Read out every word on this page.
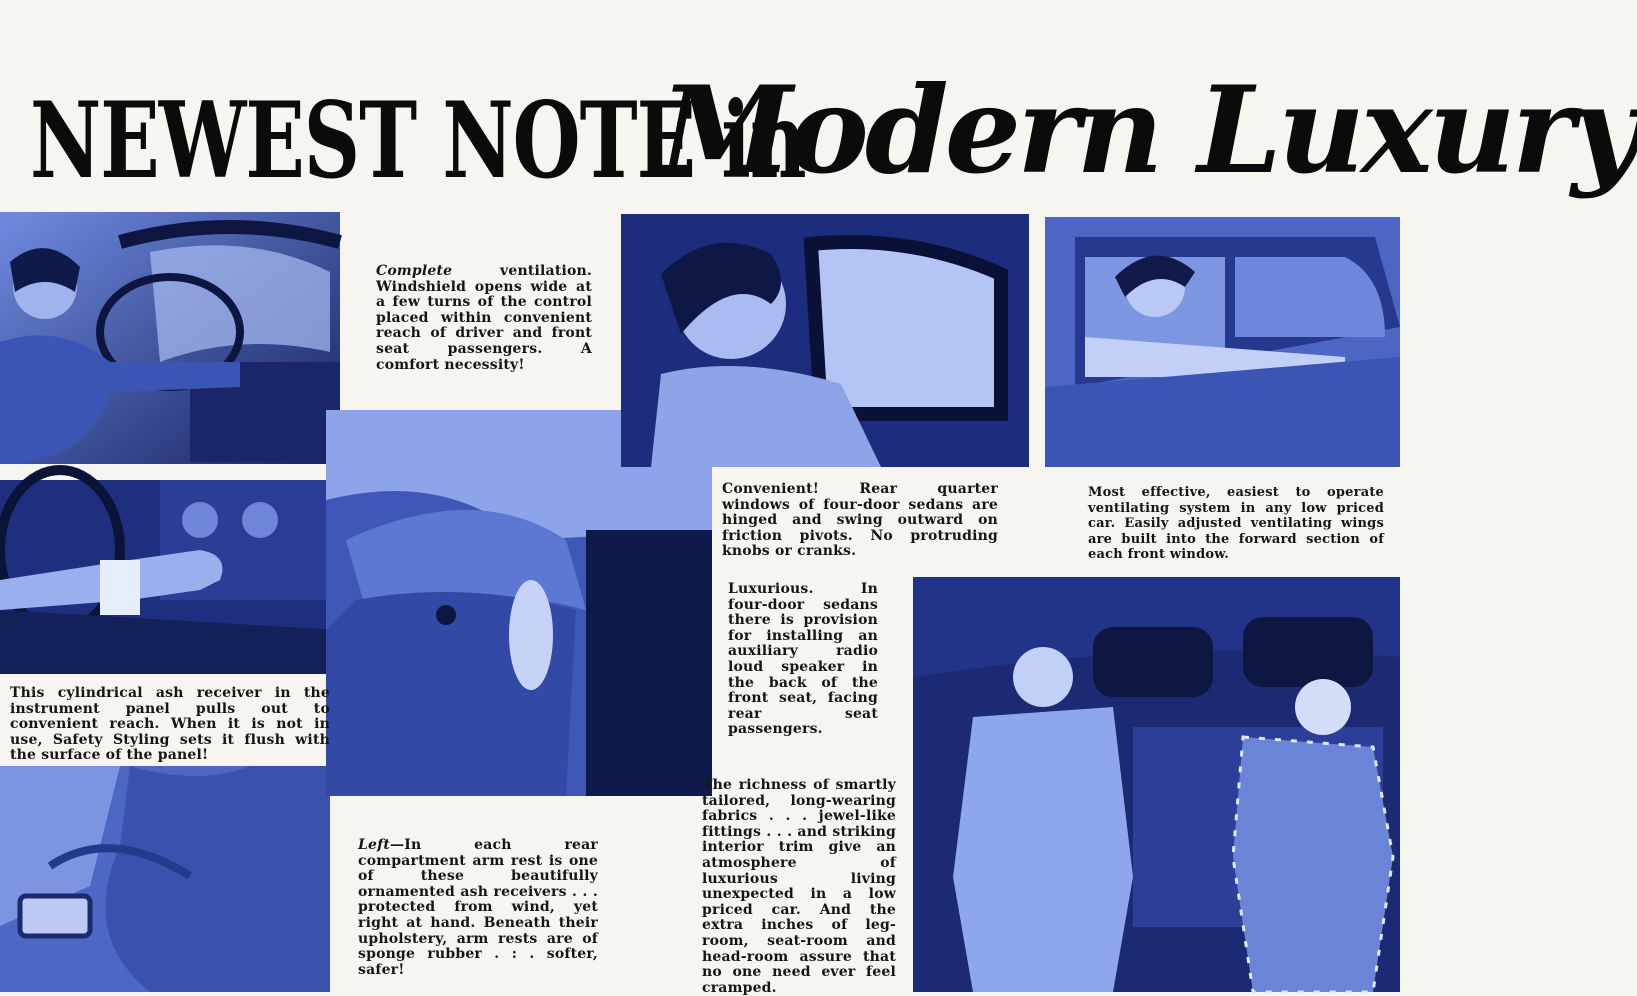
NEWEST NOTE in
Modern Luxury
Complete ventilation. Windshield opens wide at a few turns of the control placed within convenient reach of driver and front seat passengers. A comfort necessity!
Convenient! Rear quarter windows of four-door sedans are hinged and swing outward on friction pivots. No protruding knobs or cranks.
Most effective, easiest to operate ventilating system in any low priced car. Easily adjusted ventilating wings are built into the forward section of each front window.
This cylindrical ash receiver in the instrument panel pulls out to convenient reach. When it is not in use, Safety Styling sets it flush with the surface of the panel!
Luxurious. In four-door sedans there is provision for installing an auxiliary radio loud speaker in the back of the front seat, facing rear seat passengers.
The richness of smartly tailored, long-wearing fabrics . . . jewel-like fittings . . . and striking interior trim give an atmosphere of luxurious living unexpected in a low priced car. And the extra inches of leg-room, seat-room and head-room assure that no one need ever feel cramped.
Left—In each rear compartment arm rest is one of these beautifully ornamented ash receivers . . . protected from wind, yet right at hand. Beneath their upholstery, arm rests are of sponge rubber . : . softer, safer!
